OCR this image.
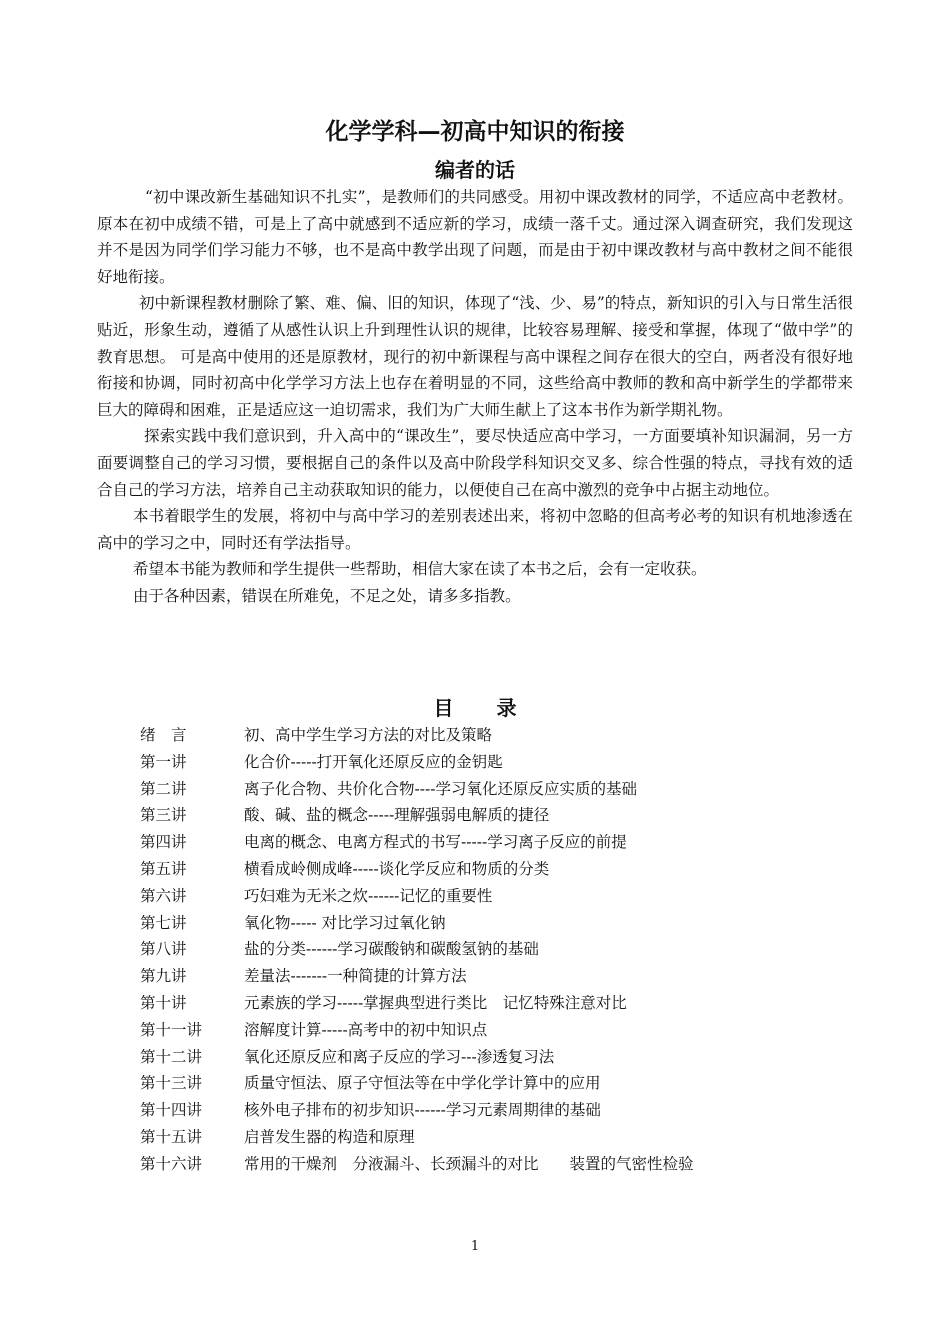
化学学科—初高中知识的衔接
编者的话

“初中课改新生基础知识不扎实”，是教师们的共同感受。用初中课改教材的同学，不适应高中老教材。原本在初中成绩不错，可是上了高中就感到不适应新的学习，成绩一落千丈。通过深入调查研究，我们发现这并不是因为同学们学习能力不够，也不是高中教学出现了问题，而是由于初中课改教材与高中教材之间不能很好地衔接。

初中新课程教材删除了繁、难、偏、旧的知识，体现了“浅、少、易”的特点，新知识的引入与日常生活很贴近，形象生动，遵循了从感性认识上升到理性认识的规律，比较容易理解、接受和掌握，体现了“做中学”的教育思想。 可是高中使用的还是原教材，现行的初中新课程与高中课程之间存在很大的空白，两者没有很好地衔接和协调，同时初高中化学学习方法上也存在着明显的不同，这些给高中教师的教和高中新学生的学都带来巨大的障碍和困难，正是适应这一迫切需求，我们为广大师生献上了这本书作为新学期礼物。

探索实践中我们意识到，升入高中的“课改生”，要尽快适应高中学习，一方面要填补知识漏洞，另一方面要调整自己的学习习惯，要根据自己的条件以及高中阶段学科知识交叉多、综合性强的特点，寻找有效的适合自己的学习方法，培养自己主动获取知识的能力，以便使自己在高中激烈的竞争中占据主动地位。

本书着眼学生的发展，将初中与高中学习的差别表述出来，将初中忽略的但高考必考的知识有机地渗透在高中的学习之中，同时还有学法指导。

希望本书能为教师和学生提供一些帮助，相信大家在读了本书之后，会有一定收获。

由于各种因素，错误在所难免，不足之处，请多多指教。

目 录
绪　言	初、高中学生学习方法的对比及策略
第一讲	化合价-----打开氧化还原反应的金钥匙
第二讲	离子化合物、共价化合物----学习氧化还原反应实质的基础
第三讲	酸、碱、盐的概念-----理解强弱电解质的捷径
第四讲	电离的概念、电离方程式的书写-----学习离子反应的前提
第五讲	横看成岭侧成峰-----谈化学反应和物质的分类
第六讲	巧妇难为无米之炊------记忆的重要性
第七讲	氧化物----- 对比学习过氧化钠
第八讲	盐的分类------学习碳酸钠和碳酸氢钠的基础
第九讲	差量法-------一种简捷的计算方法
第十讲	元素族的学习-----掌握典型进行类比　记忆特殊注意对比
第十一讲	溶解度计算-----高考中的初中知识点
第十二讲	氧化还原反应和离子反应的学习---渗透复习法
第十三讲	质量守恒法、原子守恒法等在中学化学计算中的应用
第十四讲	核外电子排布的初步知识------学习元素周期律的基础
第十五讲	启普发生器的构造和原理
第十六讲	常用的干燥剂　分液漏斗、长颈漏斗的对比　　装置的气密性检验
1
